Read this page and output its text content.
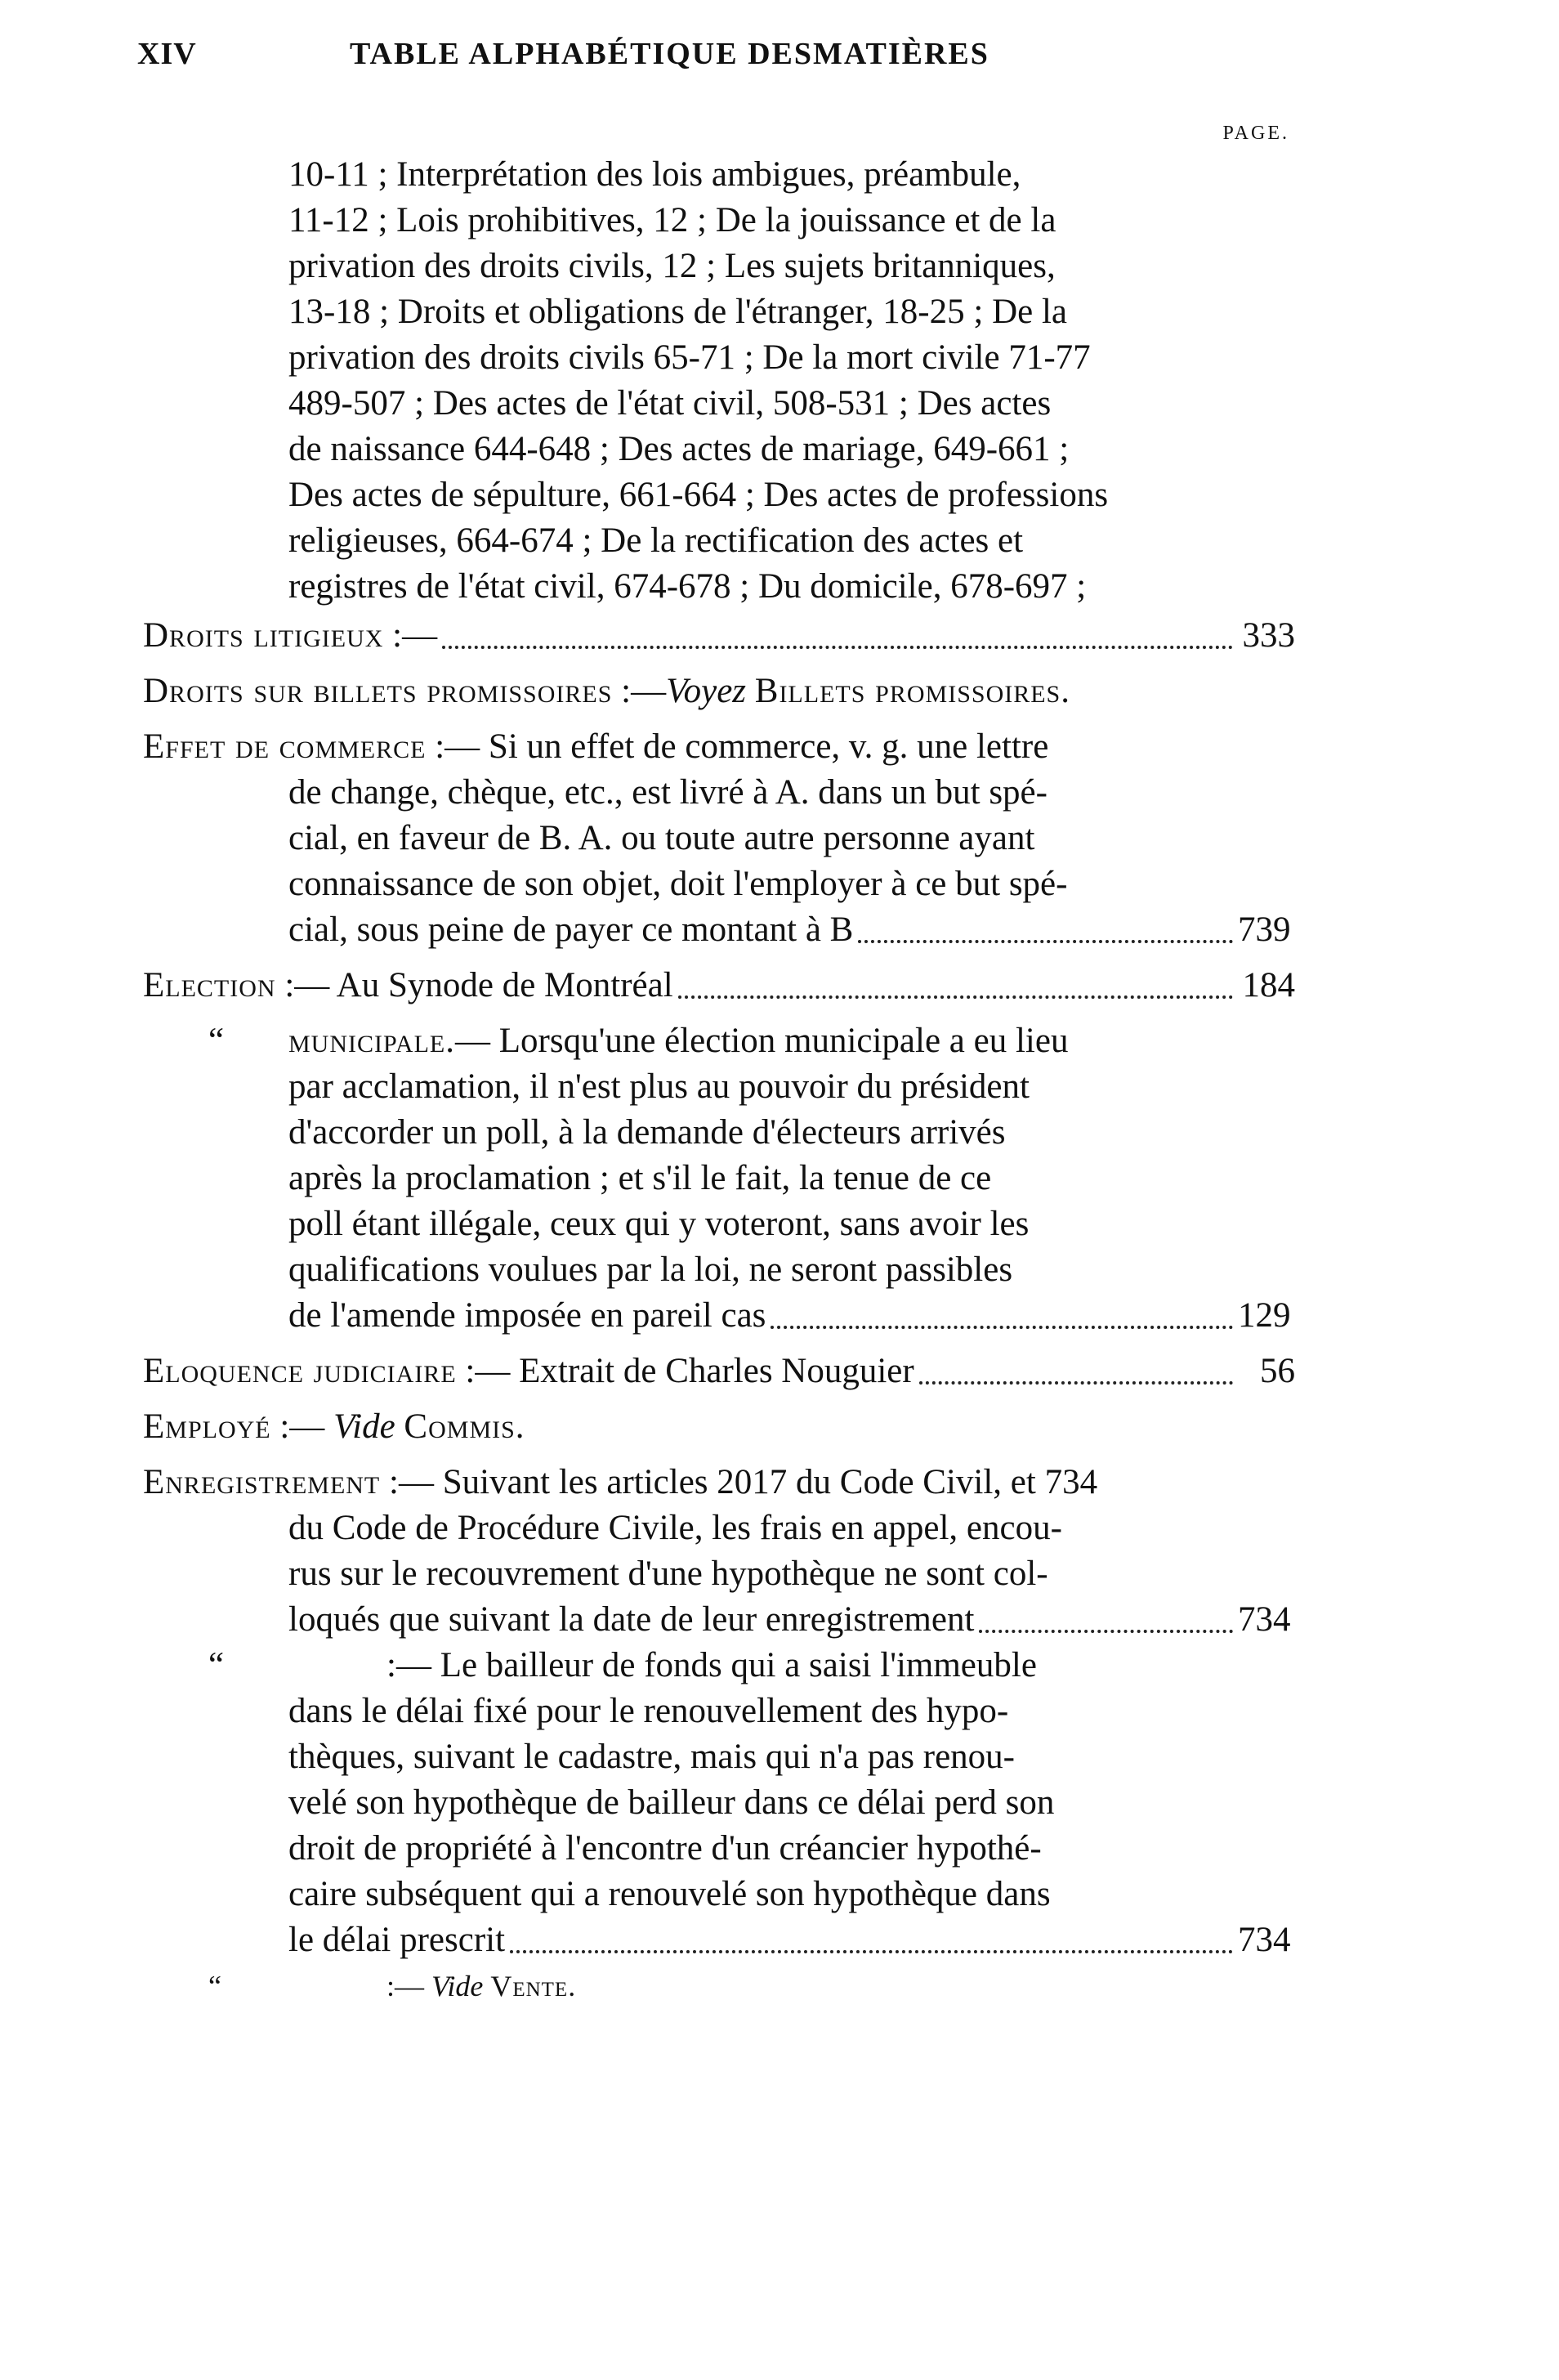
XIV	TABLE ALPHABÉTIQUE DESMATIÈRES
PAGE.
10-11 ; Interprétation des lois ambigues, préambule,
11-12 ; Lois prohibitives, 12 ; De la jouissance et de la
privation des droits civils, 12 ; Les sujets britanniques,
13-18 ; Droits et obligations de l'étranger, 18-25 ; De la
privation des droits civils 65-71 ; De la mort civile 71-77
489-507 ; Des actes de l'état civil, 508-531 ; Des actes
de naissance 644-648 ; Des actes de mariage, 649-661 ;
Des actes de sépulture, 661-664 ; Des actes de professions
religieuses, 664-674 ; De la rectification des actes et
registres de l'état civil, 674-678 ; Du domicile, 678-697 ;
Droits litigieux :—	333
Droits sur billets promissoires :—Voyez Billets promissoires.
Effet de commerce :— Si un effet de commerce, v. g. une lettre
de change, chèque, etc., est livré à A. dans un but spé-
cial, en faveur de B. A. ou toute autre personne ayant
connaissance de son objet, doit l'employer à ce but spé-
cial, sous peine de payer ce montant à B	739
Election :— Au Synode de Montréal	184
“ municipale.— Lorsqu'une élection municipale a eu lieu
par acclamation, il n'est plus au pouvoir du président
d'accorder un poll, à la demande d'électeurs arrivés
après la proclamation ; et s'il le fait, la tenue de ce
poll étant illégale, ceux qui y voteront, sans avoir les
qualifications voulues par la loi, ne seront passibles
de l'amende imposée en pareil cas	129
Eloquence judiciaire :— Extrait de Charles Nouguier	56
Employé :— Vide Commis.
Enregistrement :— Suivant les articles 2017 du Code Civil, et 734
du Code de Procédure Civile, les frais en appel, encou-
rus sur le recouvrement d'une hypothèque ne sont col-
loqués que suivant la date de leur enregistrement	734
“	:— Le bailleur de fonds qui a saisi l'immeuble
dans le délai fixé pour le renouvellement des hypo-
thèques, suivant le cadastre, mais qui n'a pas renou-
velé son hypothèque de bailleur dans ce délai perd son
droit de propriété à l'encontre d'un créancier hypothé-
caire subséquent qui a renouvelé son hypothèque dans
le délai prescrit	734
“	:— Vide Vente.
